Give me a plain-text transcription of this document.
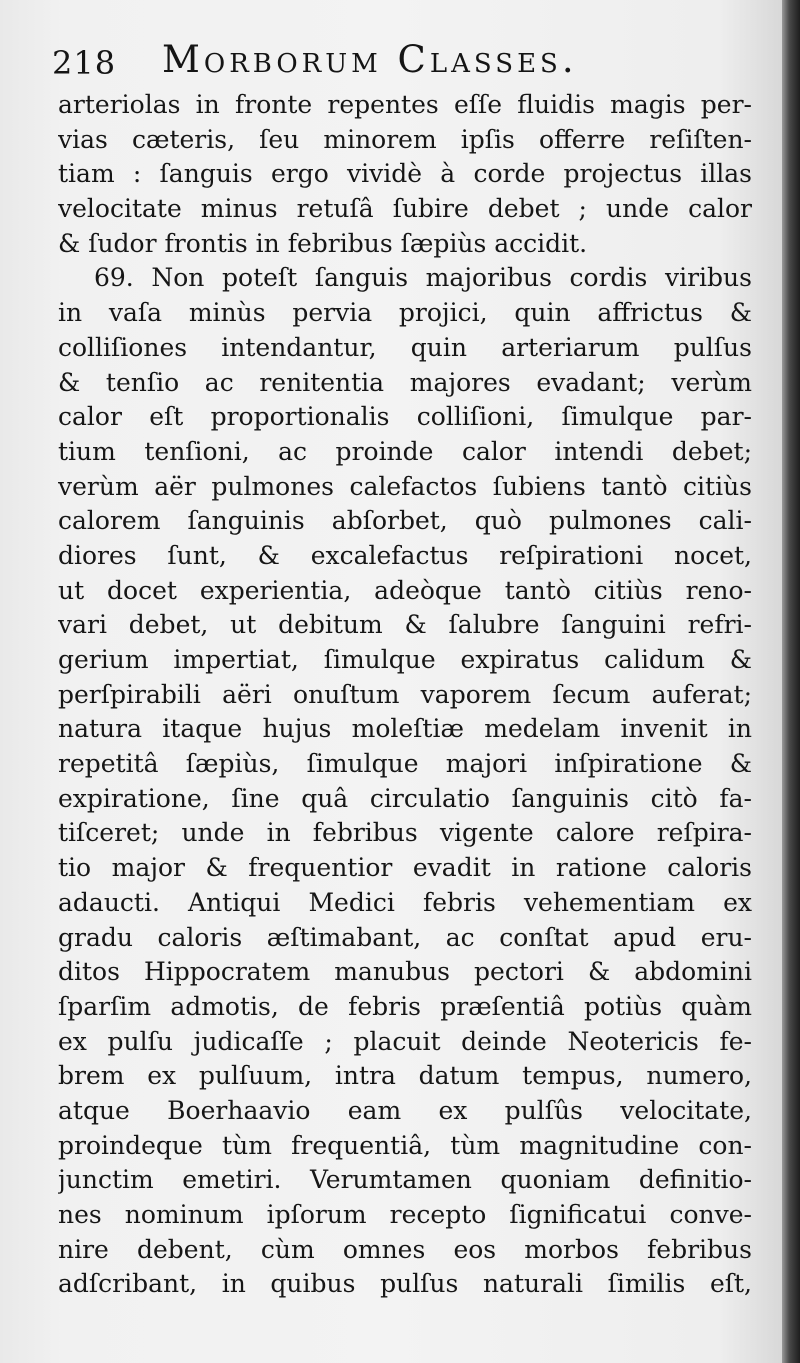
218 Morborum Classes.
arteriolas in fronte repentes eſſe fluidis magis per-
vias cæteris, ſeu minorem ipſis offerre reſiſten-
tiam : ſanguis ergo vividè à corde projectus illas
velocitate minus retuſâ ſubire debet ; unde calor
& ſudor frontis in febribus ſæpiùs accidit.
69. Non poteſt ſanguis majoribus cordis viribus
in vaſa minùs pervia projici, quin affrictus &
colliſiones intendantur, quin arteriarum pulſus
& tenſio ac renitentia majores evadant; verùm
calor eſt proportionalis colliſioni, ſimulque par-
tium tenſioni, ac proinde calor intendi debet;
verùm aër pulmones calefactos ſubiens tantò citiùs
calorem ſanguinis abſorbet, quò pulmones cali-
diores ſunt, & excalefactus reſpirationi nocet,
ut docet experientia, adeòque tantò citiùs reno-
vari debet, ut debitum & ſalubre ſanguini refri-
gerium impertiat, ſimulque expiratus calidum &
perſpirabili aëri onuſtum vaporem ſecum auferat;
natura itaque hujus moleſtiæ medelam invenit in
repetitâ ſæpiùs, ſimulque majori inſpiratione &
expiratione, ſine quâ circulatio ſanguinis citò fa-
tiſceret; unde in febribus vigente calore reſpira-
tio major & frequentior evadit in ratione caloris
adaucti. Antiqui Medici febris vehementiam ex
gradu caloris æſtimabant, ac conſtat apud eru-
ditos Hippocratem manubus pectori & abdomini
ſparſim admotis, de febris præſentiâ potiùs quàm
ex pulſu judicaſſe ; placuit deinde Neotericis fe-
brem ex pulſuum, intra datum tempus, numero,
atque Boerhaavio eam ex pulſûs velocitate,
proindeque tùm frequentiâ, tùm magnitudine con-
junctim emetiri. Verumtamen quoniam definitio-
nes nominum ipſorum recepto ſignificatui conve-
nire debent, cùm omnes eos morbos febribus
adſcribant, in quibus pulſus naturali ſimilis eſt,
